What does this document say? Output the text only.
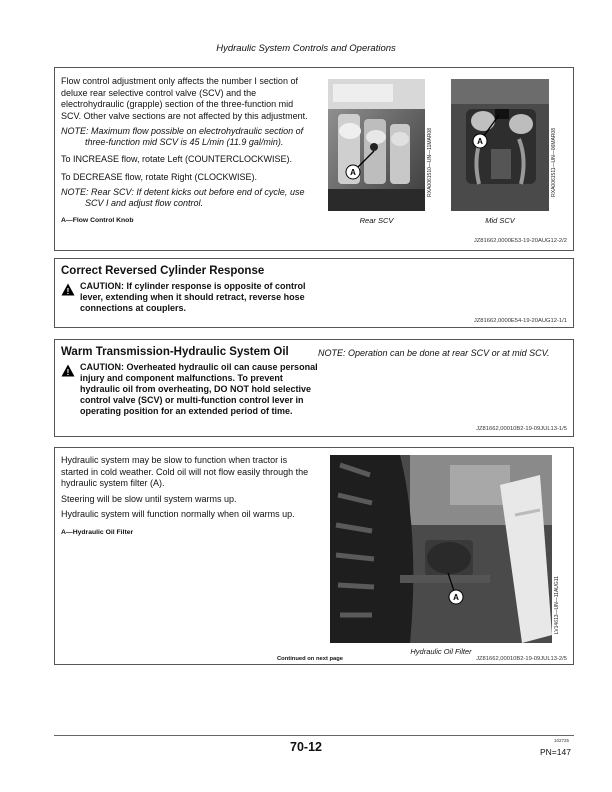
Hydraulic System Controls and Operations
Flow control adjustment only affects the number I section of deluxe rear selective control valve (SCV) and the electrohydraulic (grapple) section of the three-function mid SCV. Other valve sections are not affected by this adjustment.
NOTE: Maximum flow possible on electrohydraulic section of three-function mid SCV is 45 L/min (11.9 gal/min).
To INCREASE flow, rotate Left (COUNTERCLOCKWISE).
To DECREASE flow, rotate Right (CLOCKWISE).
NOTE: Rear SCV: If detent kicks out before end of cycle, use SCV I and adjust flow control.
A—Flow Control Knob
A	RXA0061510—UN—11MAR08
Rear SCV
A	RXA0061511—UN—06MAR08
Mid SCV
JZ81662,0000E53-19-20AUG12-2/2
Correct Reversed Cylinder Response
!
CAUTION: If cylinder response is opposite of control lever, extending when it should retract, reverse hose connections at couplers.
JZ81662,0000E54-19-20AUG12-1/1
Warm Transmission-Hydraulic System Oil
!
CAUTION: Overheated hydraulic oil can cause personal injury and component malfunctions. To prevent hydraulic oil from overheating, DO NOT hold selective control valve (SCV) or multi-function control lever in operating position for an extended period of time.
NOTE: Operation can be done at rear SCV or at mid SCV.
JZ81662,00010B2-19-09JUL13-1/5
Hydraulic system may be slow to function when tractor is started in cold weather. Cold oil will not flow easily through the hydraulic system filter (A).
Steering will be slow until system warms up.
Hydraulic system will function normally when oil warms up.
A—Hydraulic Oil Filter
A	LV14613—UN—11AUG11
Hydraulic Oil Filter
Continued on next page	JZ81662,00010B2-19-09JUL13-2/5
70-12	102725
PN=147
